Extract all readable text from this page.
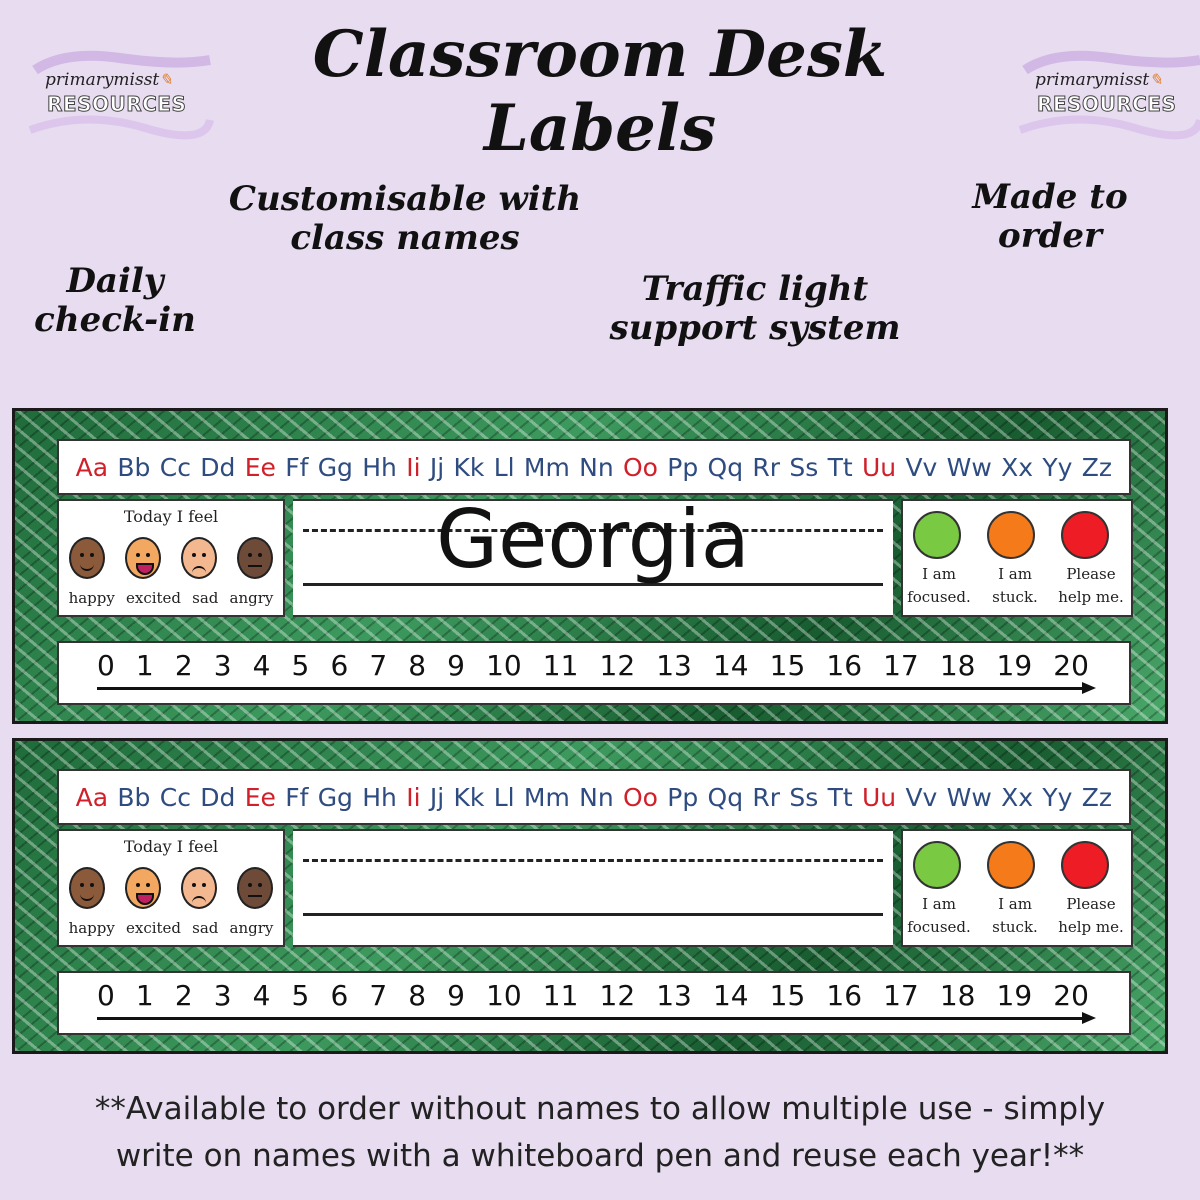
primarymisst✎
RESOURCES
primarymisst✎
RESOURCES
Classroom Desk Labels
Daily check-in
Customisable with class names
Traffic light support system
Made to order
Aa Bb Cc Dd Ee Ff Gg Hh Ii Jj Kk Ll Mm Nn Oo Pp Qq Rr Ss Tt Uu Vv Ww Xx Yy Zz
Today I feel
happy excited sad angry
Georgia	I am
focused.
I am
stuck.
Please
help me.
0 1 2 3 4 5 6 7 8 9 10 11 12 13 14 15 16 17 18 19 20
Aa Bb Cc Dd Ee Ff Gg Hh Ii Jj Kk Ll Mm Nn Oo Pp Qq Rr Ss Tt Uu Vv Ww Xx Yy Zz
Today I feel
happy excited sad angry
I am
focused.
I am
stuck.
Please
help me.
0 1 2 3 4 5 6 7 8 9 10 11 12 13 14 15 16 17 18 19 20
**Available to order without names to allow multiple use - simply
write on names with a whiteboard pen and reuse each year!**
